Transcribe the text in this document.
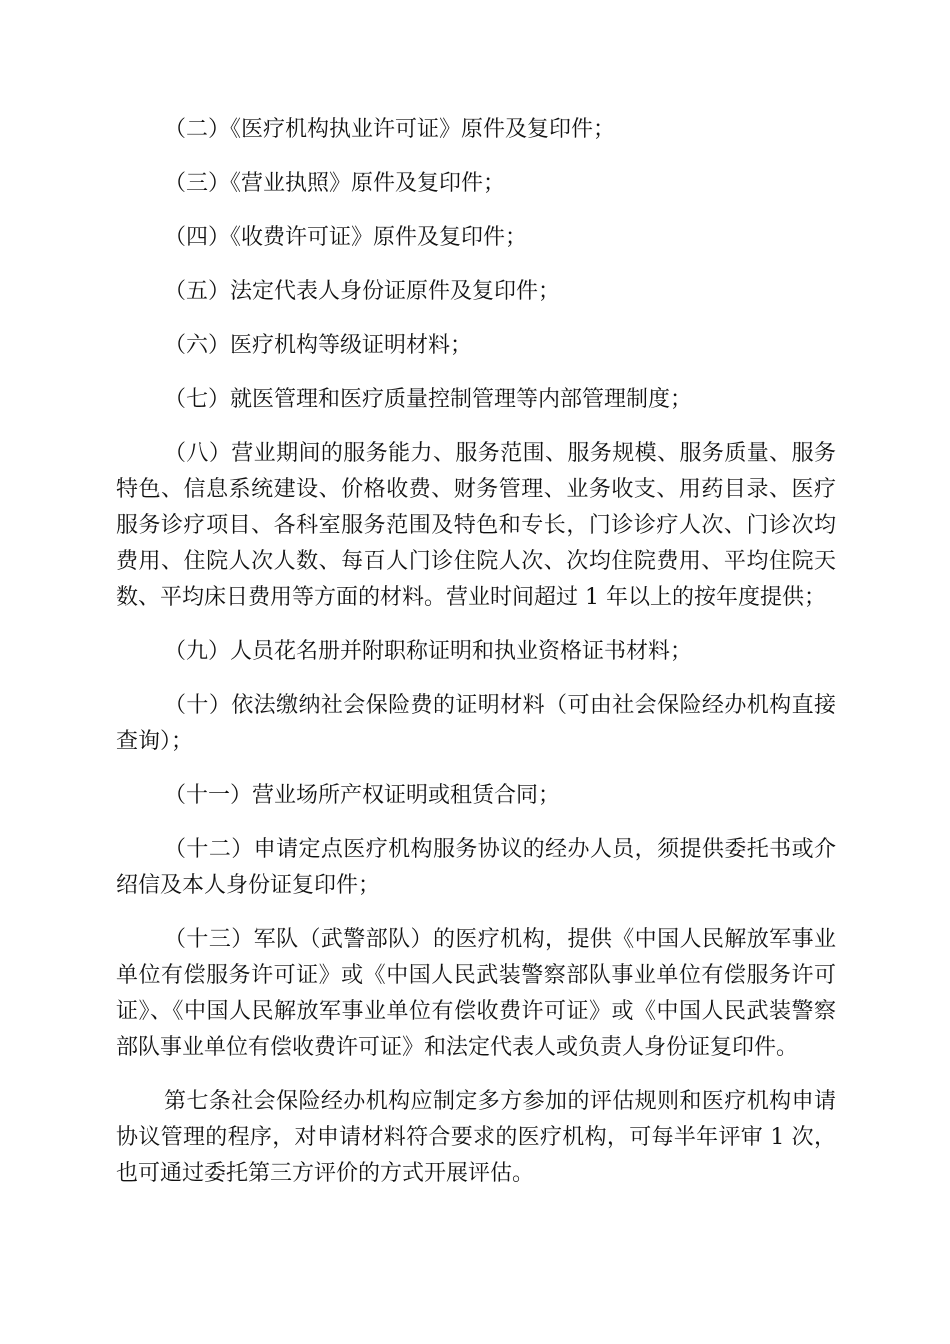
（二）《医疗机构执业许可证》原件及复印件；

（三）《营业执照》原件及复印件；

（四）《收费许可证》原件及复印件；

（五）法定代表人身份证原件及复印件；

（六）医疗机构等级证明材料；

（七）就医管理和医疗质量控制管理等内部管理制度；

（八）营业期间的服务能力、服务范围、服务规模、服务质量、服务特色、信息系统建设、价格收费、财务管理、业务收支、用药目录、医疗服务诊疗项目、各科室服务范围及特色和专长，门诊诊疗人次、门诊次均费用、住院人次人数、每百人门诊住院人次、次均住院费用、平均住院天数、平均床日费用等方面的材料。营业时间超过 1 年以上的按年度提供；

（九）人员花名册并附职称证明和执业资格证书材料；

（十）依法缴纳社会保险费的证明材料（可由社会保险经办机构直接查询）；

（十一）营业场所产权证明或租赁合同；

（十二）申请定点医疗机构服务协议的经办人员，须提供委托书或介绍信及本人身份证复印件；

（十三）军队（武警部队）的医疗机构，提供《中国人民解放军事业单位有偿服务许可证》或《中国人民武装警察部队事业单位有偿服务许可证》、《中国人民解放军事业单位有偿收费许可证》或《中国人民武装警察部队事业单位有偿收费许可证》和法定代表人或负责人身份证复印件。

第七条社会保险经办机构应制定多方参加的评估规则和医疗机构申请协议管理的程序，对申请材料符合要求的医疗机构，可每半年评审 1 次，也可通过委托第三方评价的方式开展评估。
